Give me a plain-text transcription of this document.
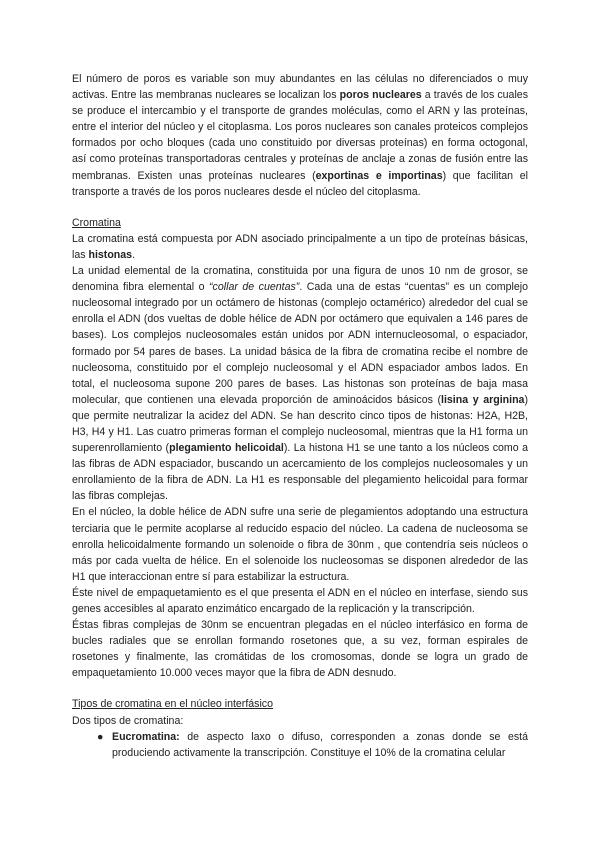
El número de poros es variable son muy abundantes en las células no diferenciados o muy activas. Entre las membranas nucleares se localizan los poros nucleares a través de los cuales se produce el intercambio y el transporte de grandes moléculas, como el ARN y las proteínas, entre el interior del núcleo y el citoplasma. Los poros nucleares son canales proteicos complejos formados por ocho bloques (cada uno constituido por diversas proteínas) en forma octogonal, así como proteínas transportadoras centrales y proteínas de anclaje a zonas de fusión entre las membranas. Existen unas proteínas nucleares (exportinas e importinas) que facilitan el transporte a través de los poros nucleares desde el núcleo del citoplasma.

Cromatina

La cromatina está compuesta por ADN asociado principalmente a un tipo de proteínas básicas, las histonas.

La unidad elemental de la cromatina, constituida por una figura de unos 10 nm de grosor, se denomina fibra elemental o “collar de cuentas”. Cada una de estas “cuentas” es un complejo nucleosomal integrado por un octámero de histonas (complejo octamérico) alrededor del cual se enrolla el ADN (dos vueltas de doble hélice de ADN por octámero que equivalen a 146 pares de bases). Los complejos nucleosomales están unidos por ADN internucleosomal, o espaciador, formado por 54 pares de bases. La unidad básica de la fibra de cromatina recibe el nombre de nucleosoma, constituido por el complejo nucleosomal y el ADN espaciador ambos lados. En total, el nucleosoma supone 200 pares de bases. Las histonas son proteínas de baja masa molecular, que contienen una elevada proporción de aminoácidos básicos (lisina y arginina) que permite neutralizar la acidez del ADN. Se han descrito cinco tipos de histonas: H2A, H2B, H3, H4 y H1. Las cuatro primeras forman el complejo nucleosomal, mientras que la H1 forma un superenrollamiento (plegamiento helicoidal). La histona H1 se une tanto a los núcleos como a las fibras de ADN espaciador, buscando un acercamiento de los complejos nucleosomales y un enrollamiento de la fibra de ADN. La H1 es responsable del plegamiento helicoidal para formar las fibras complejas.

En el núcleo, la doble hélice de ADN sufre una serie de plegamientos adoptando una estructura terciaria que le permite acoplarse al reducido espacio del núcleo. La cadena de nucleosoma se enrolla helicoidalmente formando un solenoide o fibra de 30nm , que contendría seis núcleos o más por cada vuelta de hélice. En el solenoide los nucleosomas se disponen alrededor de las H1 que interaccionan entre sí para estabilizar la estructura.

Éste nivel de empaquetamiento es el que presenta el ADN en el núcleo en interfase, siendo sus genes accesibles al aparato enzimático encargado de la replicación y la transcripción.

Éstas fibras complejas de 30nm se encuentran plegadas en el núcleo interfásico en forma de bucles radiales que se enrollan formando rosetones que, a su vez, forman espirales de rosetones y finalmente, las cromátidas de los cromosomas, donde se logra un grado de empaquetamiento 10.000 veces mayor que la fibra de ADN desnudo.

Tipos de cromatina en el núcleo interfásico

Dos tipos de cromatina:

● Eucromatina: de aspecto laxo o difuso, corresponden a zonas donde se está produciendo activamente la transcripción. Constituye el 10% de la cromatina celular
